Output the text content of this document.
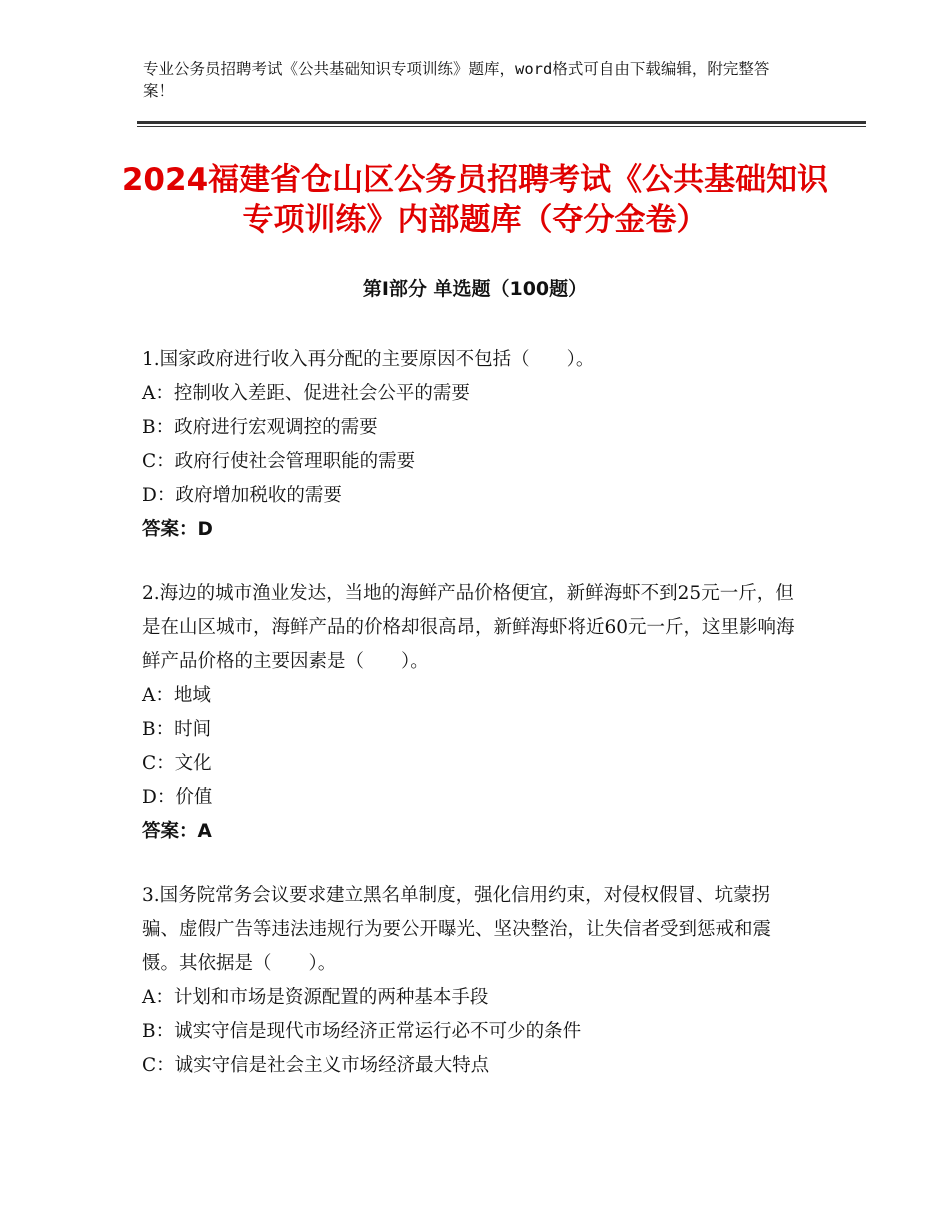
专业公务员招聘考试《公共基础知识专项训练》题库，word格式可自由下载编辑，附完整答案！
2024福建省仓山区公务员招聘考试《公共基础知识专项训练》内部题库（夺分金卷）
第Ⅰ部分 单选题（100题）

1.国家政府进行收入再分配的主要原因不包括（　　）。

A：控制收入差距、促进社会公平的需要

B：政府进行宏观调控的需要

C：政府行使社会管理职能的需要

D：政府增加税收的需要

答案：D

2.海边的城市渔业发达，当地的海鲜产品价格便宜，新鲜海虾不到25元一斤，但是在山区城市，海鲜产品的价格却很高昂，新鲜海虾将近60元一斤，这里影响海鲜产品价格的主要因素是（　　）。

A：地域

B：时间

C：文化

D：价值

答案：A

3.国务院常务会议要求建立黑名单制度，强化信用约束，对侵权假冒、坑蒙拐骗、虚假广告等违法违规行为要公开曝光、坚决整治，让失信者受到惩戒和震慑。其依据是（　　）。

A：计划和市场是资源配置的两种基本手段

B：诚实守信是现代市场经济正常运行必不可少的条件

C：诚实守信是社会主义市场经济最大特点
